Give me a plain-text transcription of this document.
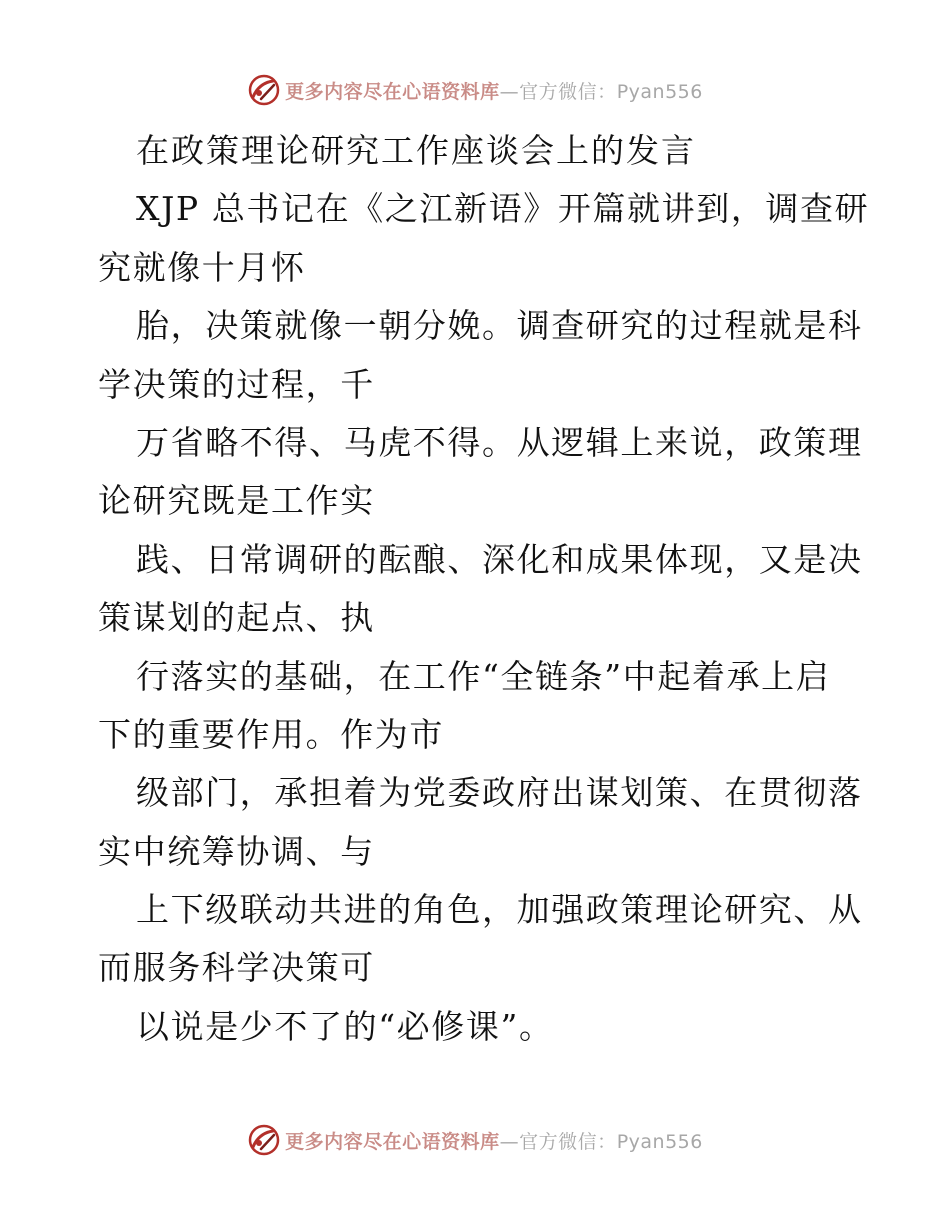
更多内容尽在心语资料库—官方微信：Pyan556
在政策理论研究工作座谈会上的发言
XJP 总书记在《之江新语》开篇就讲到，调查研
究就像十月怀
胎，决策就像一朝分娩。调查研究的过程就是科
学决策的过程，千
万省略不得、马虎不得。从逻辑上来说，政策理
论研究既是工作实
践、日常调研的酝酿、深化和成果体现，又是决
策谋划的起点、执
行落实的基础，在工作“全链条”中起着承上启
下的重要作用。作为市
级部门，承担着为党委政府出谋划策、在贯彻落
实中统筹协调、与
上下级联动共进的角色，加强政策理论研究、从
而服务科学决策可
以说是少不了的“必修课”。
更多内容尽在心语资料库—官方微信：Pyan556
